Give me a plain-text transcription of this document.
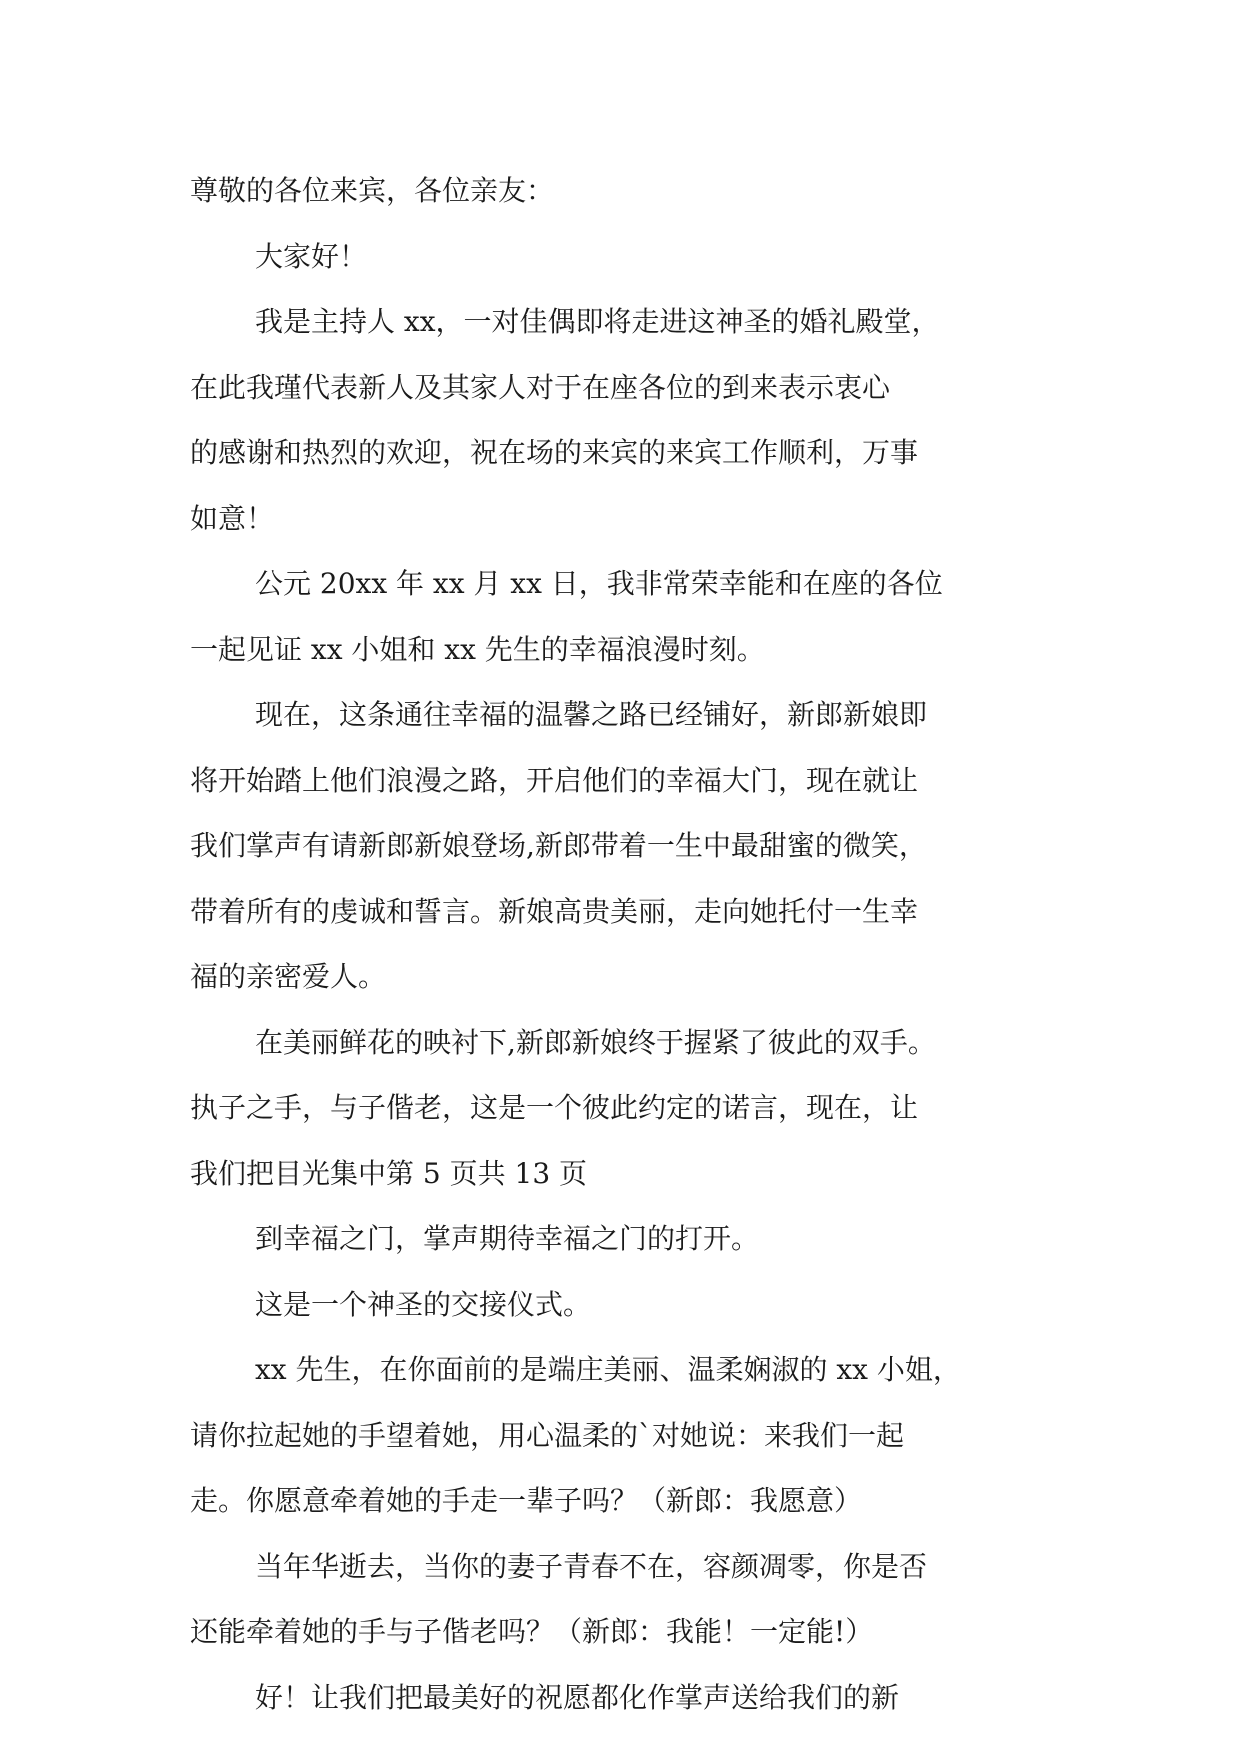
尊敬的各位来宾，各位亲友：
大家好！
我是主持人 xx，一对佳偶即将走进这神圣的婚礼殿堂，
在此我瑾代表新人及其家人对于在座各位的到来表示衷心
的感谢和热烈的欢迎，祝在场的来宾的来宾工作顺利，万事
如意！
公元 20xx 年 xx 月 xx 日，我非常荣幸能和在座的各位
一起见证 xx 小姐和 xx 先生的幸福浪漫时刻。
现在，这条通往幸福的温馨之路已经铺好，新郎新娘即
将开始踏上他们浪漫之路，开启他们的幸福大门，现在就让
我们掌声有请新郎新娘登场,新郎带着一生中最甜蜜的微笑，
带着所有的虔诚和誓言。新娘高贵美丽，走向她托付一生幸
福的亲密爱人。
在美丽鲜花的映衬下,新郎新娘终于握紧了彼此的双手。
执子之手，与子偕老，这是一个彼此约定的诺言，现在，让
我们把目光集中第 5 页共 13 页
到幸福之门，掌声期待幸福之门的打开。
这是一个神圣的交接仪式。
xx 先生，在你面前的是端庄美丽、温柔娴淑的 xx 小姐，
请你拉起她的手望着她，用心温柔的`对她说：来我们一起
走。你愿意牵着她的手走一辈子吗？（新郎：我愿意）
当年华逝去，当你的妻子青春不在，容颜凋零，你是否
还能牵着她的手与子偕老吗？（新郎：我能！一定能!）
好！让我们把最美好的祝愿都化作掌声送给我们的新
